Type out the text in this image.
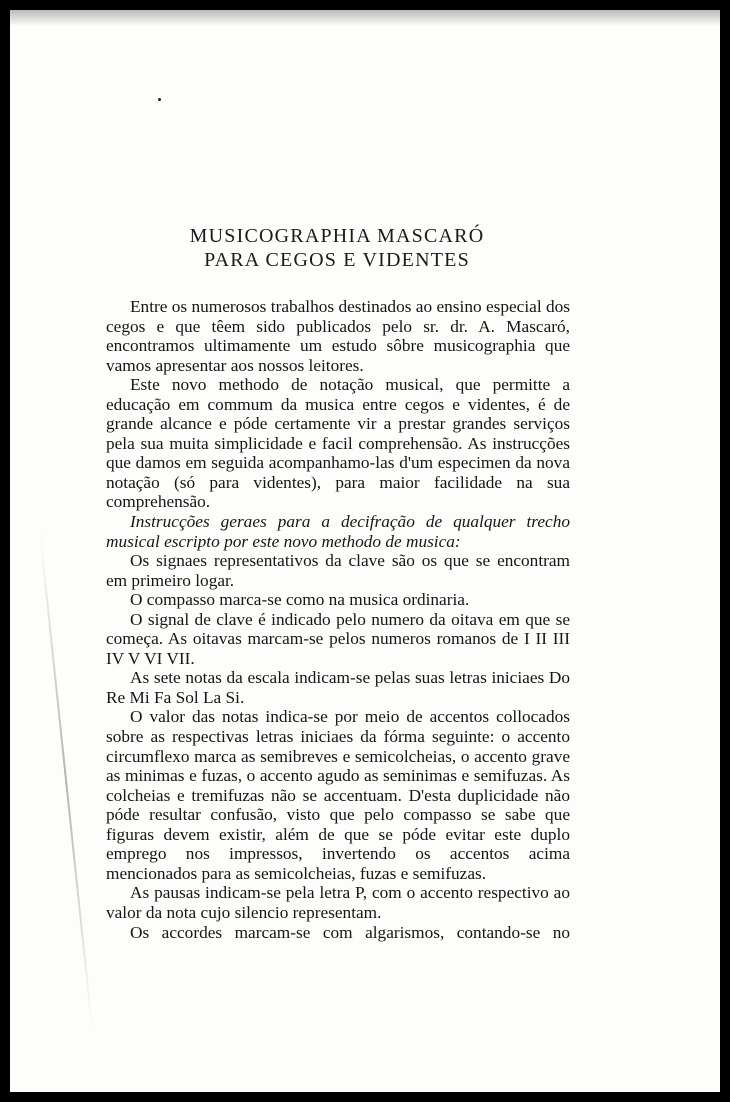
MUSICOGRAPHIA MASCARÓ
PARA CEGOS E VIDENTES

Entre os numerosos trabalhos destinados ao ensino especial dos cegos e que têem sido publicados pelo sr. dr. A. Mascaró, encontramos ultimamente um estudo sôbre musicographia que vamos apresentar aos nossos leitores.

Este novo methodo de notação musical, que permitte a educação em commum da musica entre cegos e videntes, é de grande alcance e póde certamente vir a prestar grandes serviços pela sua muita simplicidade e facil comprehensão. As instrucções que damos em seguida acompanhamo-las d'um especimen da nova notação (só para videntes), para maior facilidade na sua comprehensão.

Instrucções geraes para a decifração de qualquer trecho musical escripto por este novo methodo de musica:

Os signaes representativos da clave são os que se encontram em primeiro logar.

O compasso marca-se como na musica ordinaria.

O signal de clave é indicado pelo numero da oitava em que se começa. As oitavas marcam-se pelos numeros romanos de I II III IV V VI VII.

As sete notas da escala indicam-se pelas suas letras iniciaes Do Re Mi Fa Sol La Si.

O valor das notas indica-se por meio de accentos collocados sobre as respectivas letras iniciaes da fórma seguinte: o accento circumflexo marca as semibreves e semicolcheias, o accento grave as minimas e fuzas, o accento agudo as seminimas e semifuzas. As colcheias e tremifuzas não se accentuam. D'esta duplicidade não póde resultar confusão, visto que pelo compasso se sabe que figuras devem existir, além de que se póde evitar este duplo emprego nos impressos, invertendo os accentos acima mencionados para as semicolcheias, fuzas e semifuzas.

As pausas indicam-se pela letra P, com o accento respectivo ao valor da nota cujo silencio representam.

Os accordes marcam-se com algarismos, contando-se no
